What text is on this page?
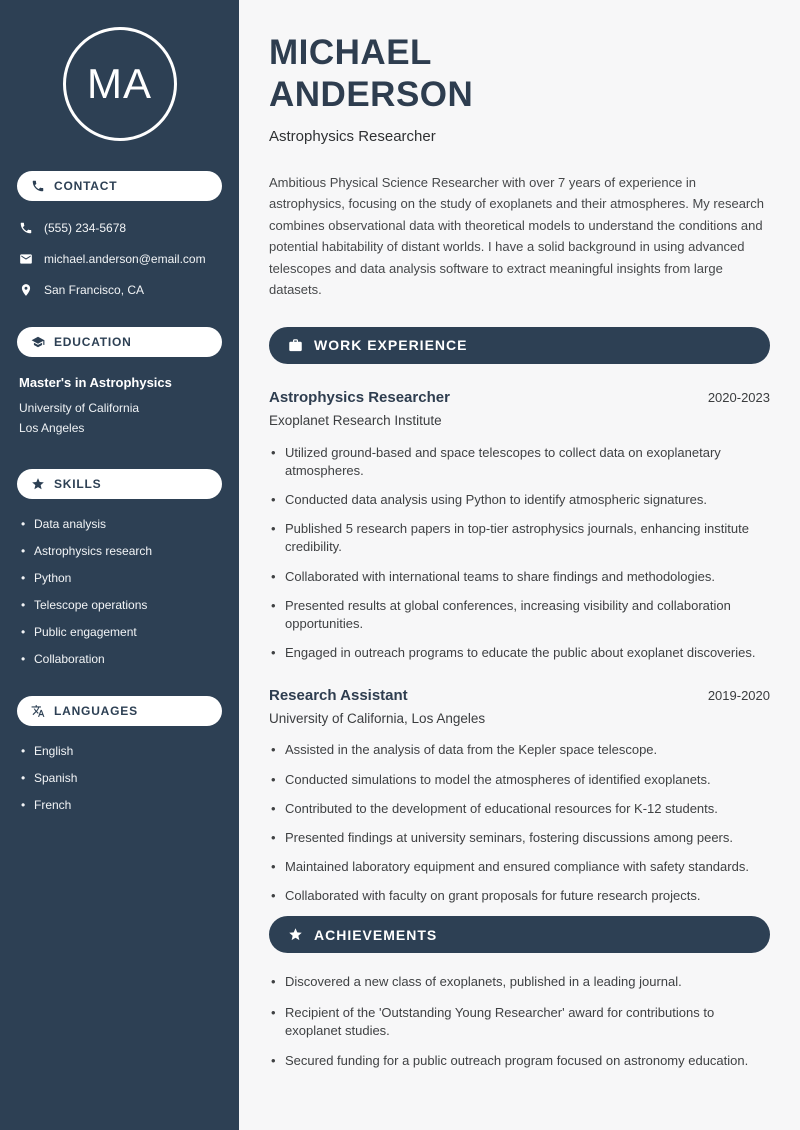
MA
CONTACT
(555) 234-5678
michael.anderson@email.com
San Francisco, CA
EDUCATION
Master's in Astrophysics
University of California
Los Angeles
SKILLS
• Data analysis
• Astrophysics research
• Python
• Telescope operations
• Public engagement
• Collaboration
LANGUAGES
• English
• Spanish
• French
MICHAEL
ANDERSON
Astrophysics Researcher

Ambitious Physical Science Researcher with over 7 years of experience in astrophysics, focusing on the study of exoplanets and their atmospheres. My research combines observational data with theoretical models to understand the conditions and potential habitability of distant worlds. I have a solid background in using advanced telescopes and data analysis software to extract meaningful insights from large datasets.

WORK EXPERIENCE
Astrophysics Researcher	2020-2023
Exoplanet Research Institute
• Utilized ground-based and space telescopes to collect data on exoplanetary atmospheres.
• Conducted data analysis using Python to identify atmospheric signatures.
• Published 5 research papers in top-tier astrophysics journals, enhancing institute credibility.
• Collaborated with international teams to share findings and methodologies.
• Presented results at global conferences, increasing visibility and collaboration opportunities.
• Engaged in outreach programs to educate the public about exoplanet discoveries.
Research Assistant	2019-2020
University of California, Los Angeles
• Assisted in the analysis of data from the Kepler space telescope.
• Conducted simulations to model the atmospheres of identified exoplanets.
• Contributed to the development of educational resources for K-12 students.
• Presented findings at university seminars, fostering discussions among peers.
• Maintained laboratory equipment and ensured compliance with safety standards.
• Collaborated with faculty on grant proposals for future research projects.
ACHIEVEMENTS
• Discovered a new class of exoplanets, published in a leading journal.
• Recipient of the 'Outstanding Young Researcher' award for contributions to exoplanet studies.
• Secured funding for a public outreach program focused on astronomy education.
